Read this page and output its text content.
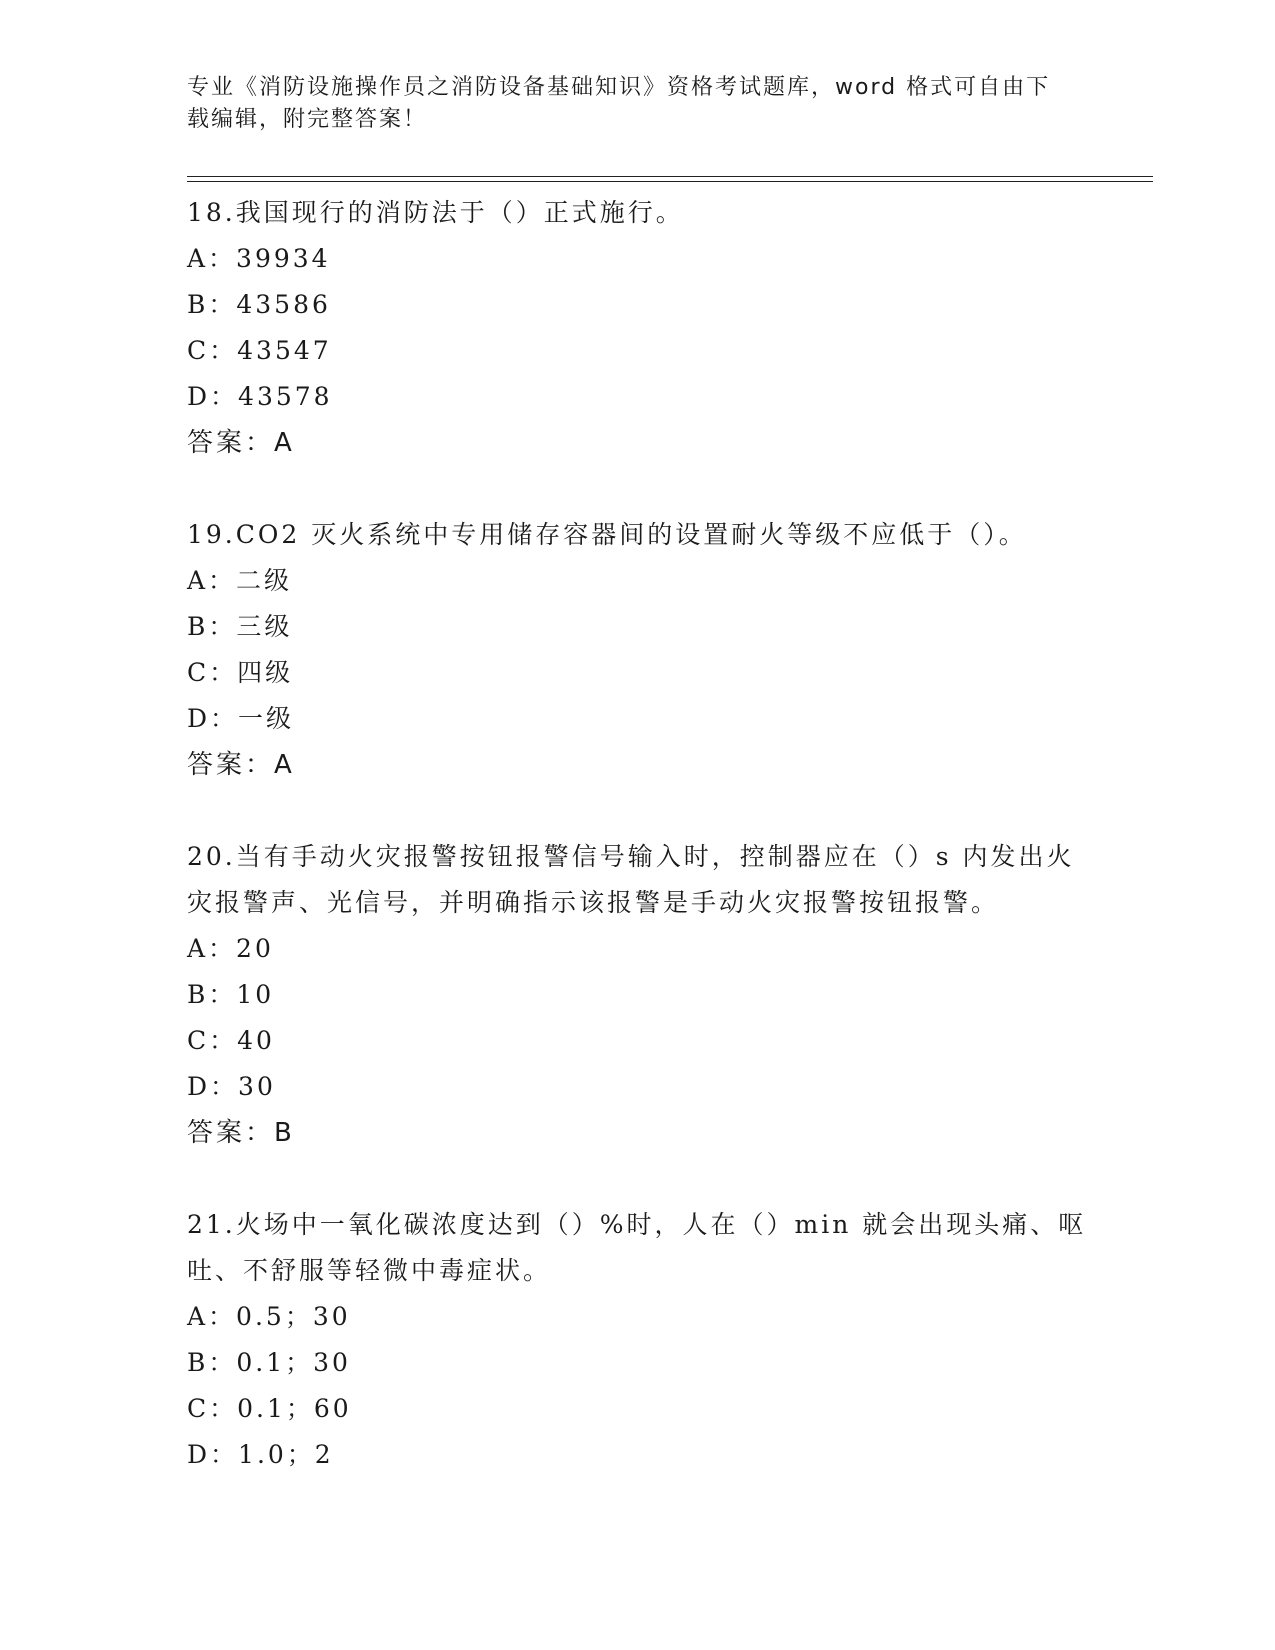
专业《消防设施操作员之消防设备基础知识》资格考试题库，word 格式可自由下载编辑，附完整答案！

18.我国现行的消防法于（）正式施行。

A：39934

B：43586

C：43547

D：43578

答案：A

19.CO2 灭火系统中专用储存容器间的设置耐火等级不应低于（）。

A：二级

B：三级

C：四级

D：一级

答案：A

20.当有手动火灾报警按钮报警信号输入时，控制器应在（）s 内发出火灾报警声、光信号，并明确指示该报警是手动火灾报警按钮报警。

A：20

B：10

C：40

D：30

答案：B

21.火场中一氧化碳浓度达到（）%时，人在（）min 就会出现头痛、呕吐、不舒服等轻微中毒症状。

A：0.5；30

B：0.1；30

C：0.1；60

D：1.0；2
